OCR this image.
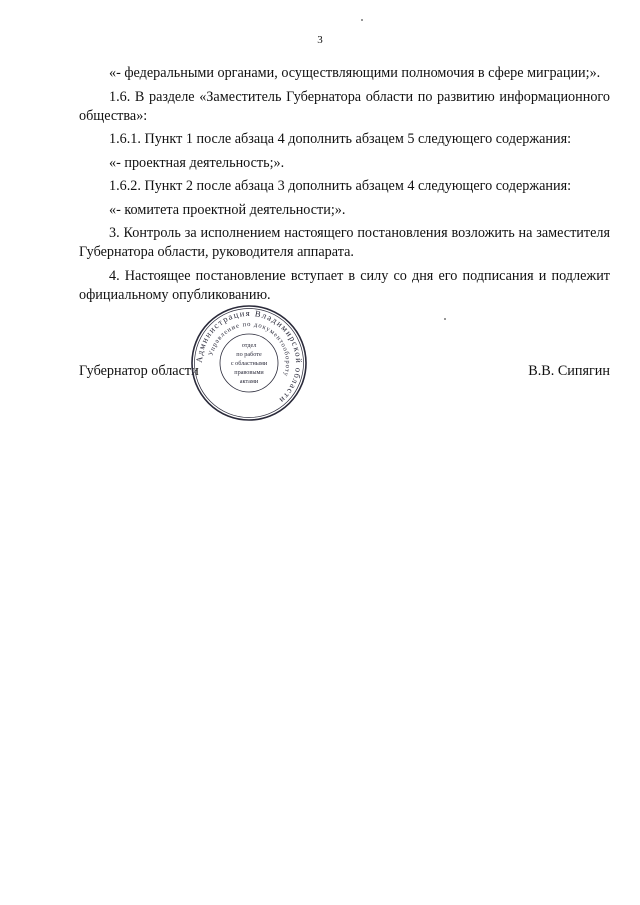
3

«- федеральными органами, осуществляющими полномочия в сфере миграции;».

1.6. В разделе «Заместитель Губернатора области по развитию информационного общества»:

1.6.1. Пункт 1 после абзаца 4 дополнить абзацем 5 следующего содержания:

«- проектная деятельность;».

1.6.2. Пункт 2 после абзаца 3 дополнить абзацем 4 следующего содержания:

«- комитета проектной деятельности;».

3. Контроль за исполнением настоящего постановления возложить на заместителя Губернатора области, руководителя аппарата.

4. Настоящее постановление вступает в силу со дня его подписания и подлежит официальному опубликованию.

Губернатор области	В.В. Сипягин
Администрация Владимирской области
Управление по документообороту
отдел
по работе
с областными
правовыми
актами
